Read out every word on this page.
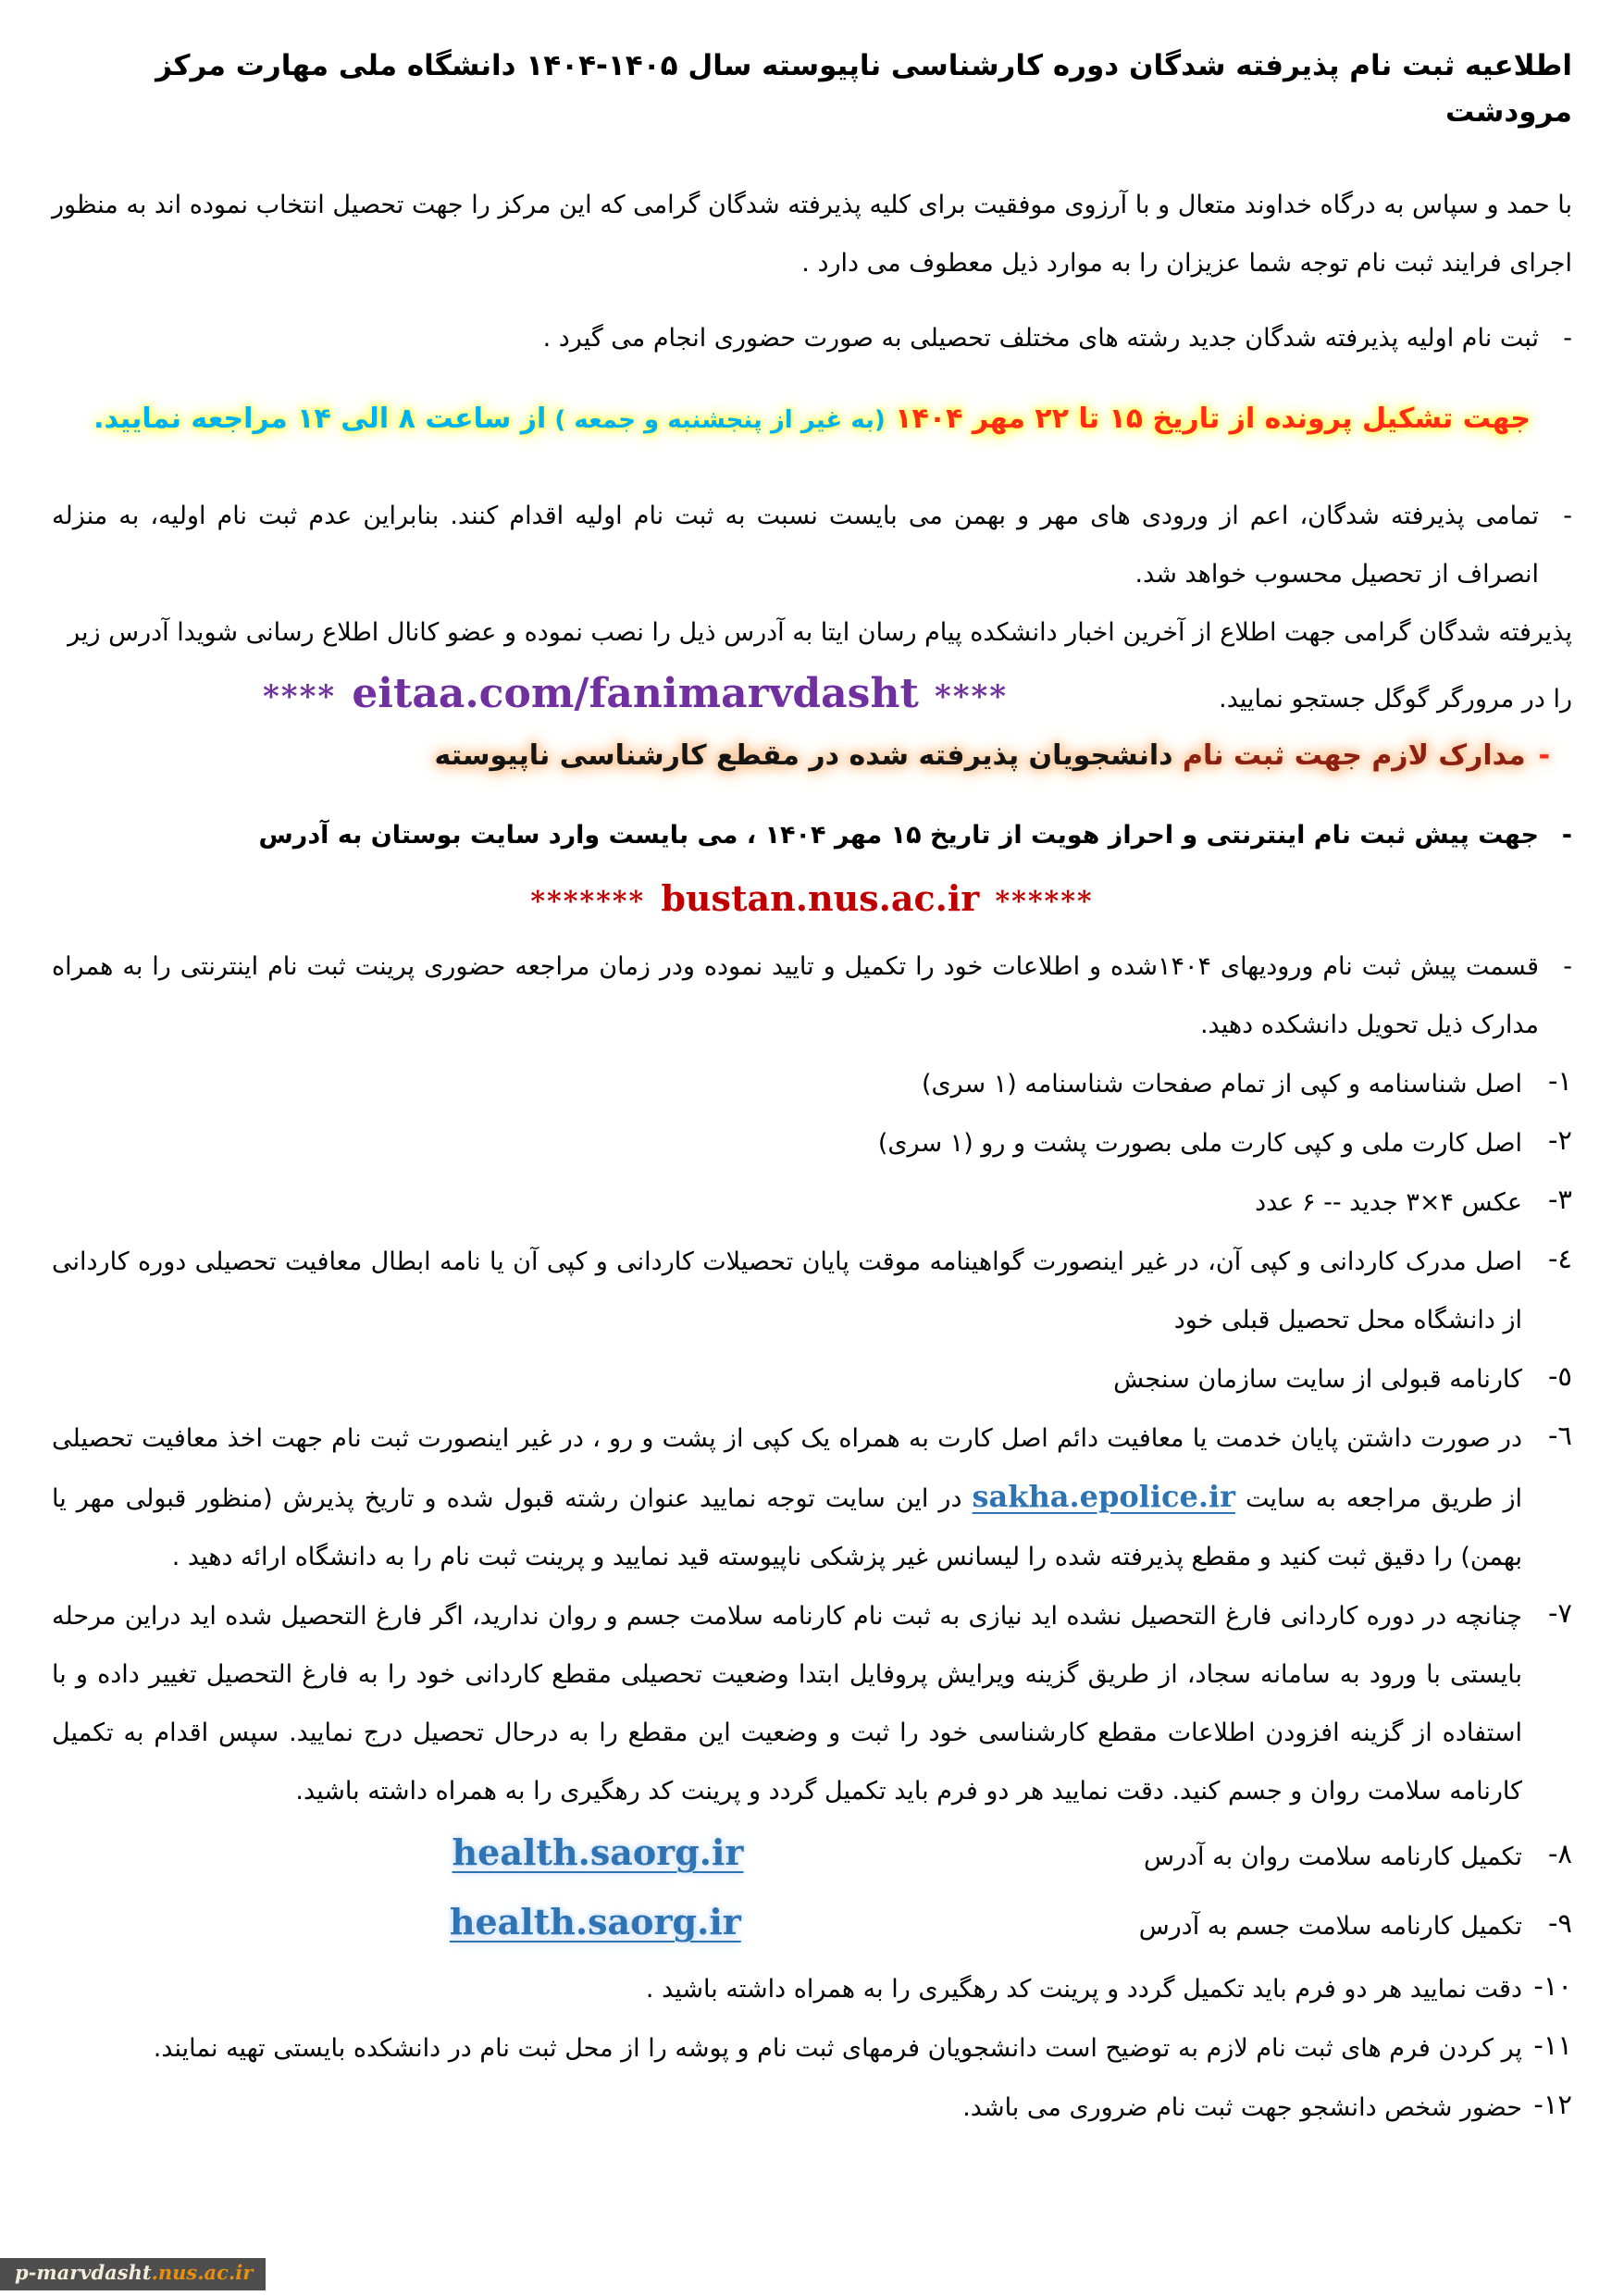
اطلاعیه ثبت نام پذیرفته شدگان دوره کارشناسی ناپیوسته سال ۱۴۰۵-۱۴۰۴ دانشگاه ملی مهارت مرکز مرودشت

با حمد و سپاس به درگاه خداوند متعال و با آرزوی موفقیت برای کلیه پذیرفته شدگان گرامی که این مرکز را جهت تحصیل انتخاب نموده اند به منظور اجرای فرایند ثبت نام توجه شما عزیزان را به موارد ذیل معطوف می دارد .

-ثبت نام اولیه پذیرفته شدگان جدید رشته های مختلف تحصیلی به صورت حضوری انجام می گیرد .

جهت تشکیل پرونده از تاریخ ۱۵ تا ۲۲ مهر ۱۴۰۴ (به غیر از پنجشنبه و جمعه ) از ساعت ۸ الی ۱۴ مراجعه نمایید.

-تمامی پذیرفته شدگان، اعم از ورودی های مهر و بهمن می بایست نسبت به ثبت نام اولیه اقدام کنند. بنابراین عدم ثبت نام اولیه، به منزله انصراف از تحصیل محسوب خواهد شد.

پذیرفته شدگان گرامی جهت اطلاع از آخرین اخبار دانشکده پیام رسان ایتا به آدرس ذیل را نصب نموده و عضو کانال اطلاع رسانی شویدا آدرس زیر

را در مرورگر گوگل جستجو نمایید.
**** eitaa.com/fanimarvdasht ****
-مدارک لازم جهت ثبت نام دانشجویان پذیرفته شده در مقطع کارشناسی ناپیوسته

-جهت پیش ثبت نام اینترنتی و احراز هویت از تاریخ ۱۵ مهر ۱۴۰۴ ، می بایست وارد سایت بوستان به آدرس

******* bustan.nus.ac.ir ******

-قسمت پیش ثبت نام ورودیهای ۱۴۰۴شده و اطلاعات خود را تکمیل و تایید نموده ودر زمان مراجعه حضوری پرینت ثبت نام اینترنتی را به همراه مدارک ذیل تحویل دانشکده دهید.

۱-اصل شناسنامه و کپی از تمام صفحات شناسنامه (۱ سری)

۲-اصل کارت ملی و کپی کارت ملی بصورت پشت و رو (۱ سری)

۳-عکس ۴×۳ جدید -- ۶ عدد

٤-اصل مدرک کاردانی و کپی آن، در غیر اینصورت گواهینامه موقت پایان تحصیلات کاردانی و کپی آن یا نامه ابطال معافیت تحصیلی دوره کاردانی از دانشگاه محل تحصیل قبلی خود

٥-کارنامه قبولی از سایت سازمان سنجش

٦-در صورت داشتن پایان خدمت یا معافیت دائم اصل کارت به همراه یک کپی از پشت و رو ، در غیر اینصورت ثبت نام جهت اخذ معافیت تحصیلی از طریق مراجعه به سایت sakha.epolice.ir در این سایت توجه نمایید عنوان رشته قبول شده و تاریخ پذیرش (منظور قبولی مهر یا بهمن) را دقیق ثبت کنید و مقطع پذیرفته شده را لیسانس غیر پزشکی ناپیوسته قید نمایید و پرینت ثبت نام را به دانشگاه ارائه دهید .

٧-چنانچه در دوره کاردانی فارغ التحصیل نشده اید نیازی به ثبت نام کارنامه سلامت جسم و روان ندارید، اگر فارغ التحصیل شده اید دراین مرحله بایستی با ورود به سامانه سجاد، از طریق گزینه ویرایش پروفایل ابتدا وضعیت تحصیلی مقطع کاردانی خود را به فارغ التحصیل تغییر داده و با استفاده از گزینه افزودن اطلاعات مقطع کارشناسی خود را ثبت و وضعیت این مقطع را به درحال تحصیل درج نمایید. سپس اقدام به تکمیل کارنامه سلامت روان و جسم کنید. دقت نمایید هر دو فرم باید تکمیل گردد و پرینت کد رهگیری را به همراه داشته باشید.

۸-تکمیل کارنامه سلامت روان به آدرس
health.saorg.ir
۹-تکمیل کارنامه سلامت جسم به آدرس
health.saorg.ir

۱۰-دقت نمایید هر دو فرم باید تکمیل گردد و پرینت کد رهگیری را به همراه داشته باشید .

۱۱-پر کردن فرم های ثبت نام لازم به توضیح است دانشجویان فرمهای ثبت نام و پوشه را از محل ثبت نام در دانشکده بایستی تهیه نمایند.

۱۲-حضور شخص دانشجو جهت ثبت نام ضروری می باشد.

p-marvdasht.nus.ac.ir
